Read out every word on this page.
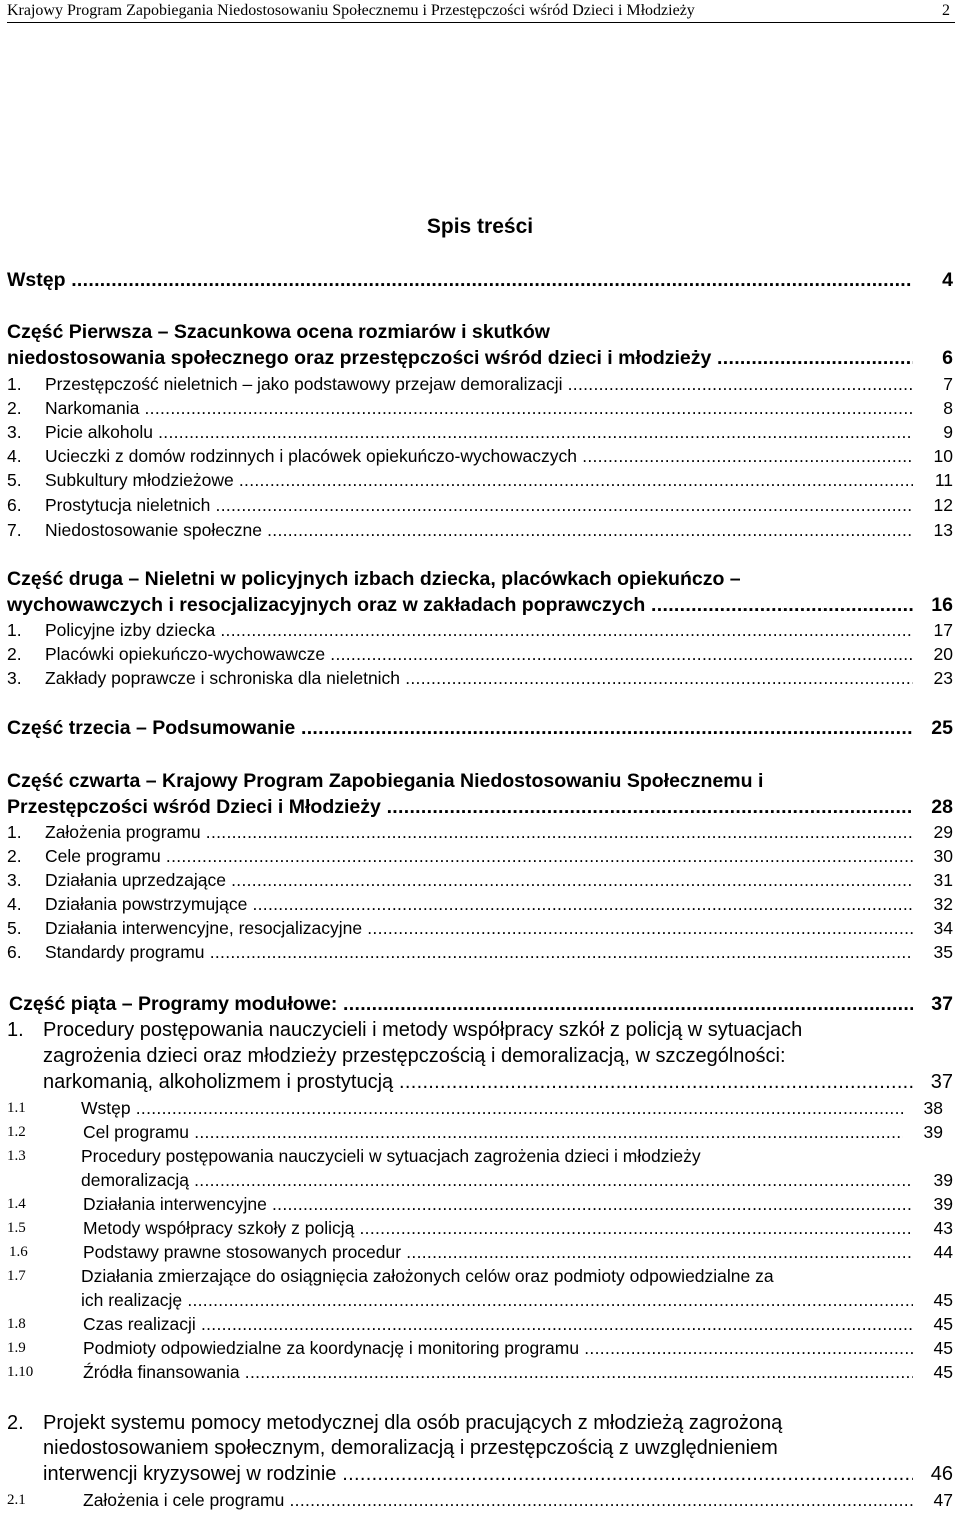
Krajowy Program Zapobiegania Niedostosowaniu Społecznemu i Przestępczości wśród Dzieci i Młodzieży	2
Spis treści
Wstęp .....	4
Część Pierwsza – Szacunkowa ocena rozmiarów i skutków
niedostosowania społecznego oraz przestępczości wśród dzieci i młodzieży .....	6
1. Przestępczość nieletnich – jako podstawowy przejaw demoralizacji .....	7
2. Narkomania .....	8
3. Picie alkoholu .....	9
4. Ucieczki z domów rodzinnych i placówek opiekuńczo-wychowaczych .....	10
5. Subkultury młodzieżowe .....	11
6. Prostytucja nieletnich .....	12
7. Niedostosowanie społeczne .....	13
Część druga – Nieletni w policyjnych izbach dziecka, placówkach opiekuńczo –
wychowawczych i resocjalizacyjnych oraz w zakładach poprawczych .....	16
1. Policyjne izby dziecka .....	17
2. Placówki opiekuńczo-wychowawcze .....	20
3. Zakłady poprawcze i schroniska dla nieletnich .....	23
Część trzecia – Podsumowanie .....	25
Część czwarta – Krajowy Program Zapobiegania Niedostosowaniu Społecznemu i
Przestępczości wśród Dzieci i Młodzieży .....	28
1. Założenia programu .....	29
2. Cele programu .....	30
3. Działania uprzedzające .....	31
4. Działania powstrzymujące .....	32
5. Działania interwencyjne, resocjalizacyjne .....	34
6. Standardy programu .....	35
Część piąta – Programy modułowe: .....	37
1. Procedury postępowania nauczycieli i metody współpracy szkół z policją w sytuacjach
zagrożenia dzieci oraz młodzieży przestępczością i demoralizacją, w szczególności:
narkomanią, alkoholizmem i prostytucją .....	37
1.1	Wstęp .....	38
1.2	Cel programu .....	39
1.3	Procedury postępowania nauczycieli w sytuacjach zagrożenia dzieci i młodzieży
demoralizacją .....	39
1.4	Działania interwencyjne .....	39
1.5	Metody współpracy szkoły z policją .....	43
1.6	Podstawy prawne stosowanych procedur .....	44
1.7	Działania zmierzające do osiągnięcia założonych celów oraz podmioty odpowiedzialne za
ich realizację .....	45
1.8	Czas realizacji .....	45
1.9	Podmioty odpowiedzialne za koordynację i monitoring programu .....	45
1.10	Źródła finansowania .....	45
2. Projekt systemu pomocy metodycznej dla osób pracujących z młodzieżą zagrożoną
niedostosowaniem społecznym, demoralizacją i przestępczością z uwzględnieniem
interwencji kryzysowej w rodzinie .....	46
2.1	Założenia i cele programu .....	47
